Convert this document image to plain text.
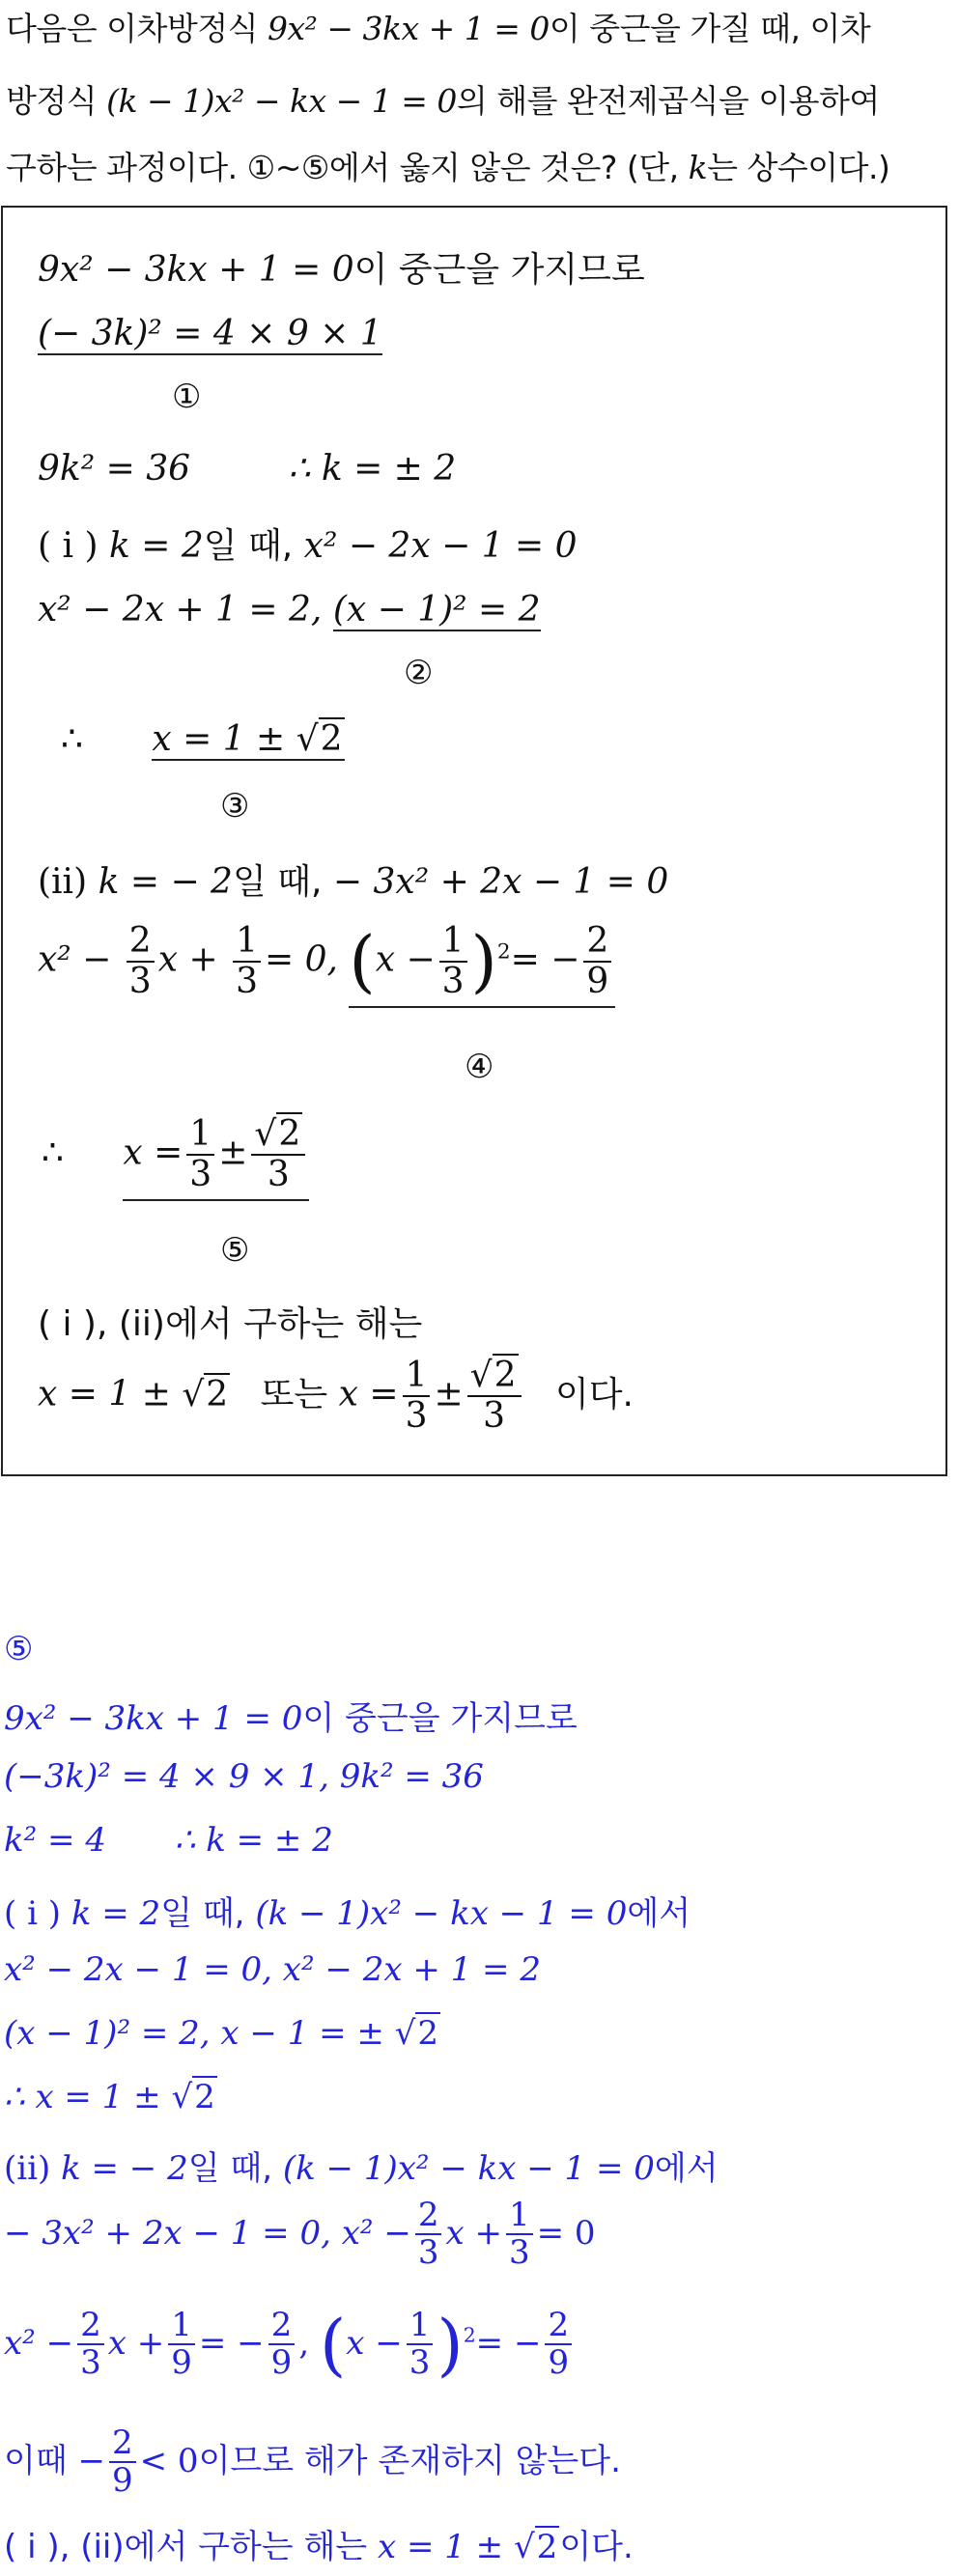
다음은 이차방정식 9x² − 3kx + 1 = 0이 중근을 가질 때, 이차
방정식 (k − 1)x² − kx − 1 = 0의 해를 완전제곱식을 이용하여
구하는 과정이다. ①~⑤에서 옳지 않은 것은? (단, k는 상수이다.)
9x² − 3kx + 1 = 0이 중근을 가지므로
(− 3k)² = 4 × 9 × 1
①
9k² = 36	∴ k = ± 2
( i ) k = 2일 때, x² − 2x − 1 = 0
x² − 2x + 1 = 2, (x − 1)² = 2
②
∴ x = 1 ± √2
③
(ii) k = − 2일 때, − 3x² + 2x − 1 = 0
$x^2 - \frac{2}{3}$ $x + \frac{1}{3} = 0$, $(x - \frac{1}{3} )^2= - \frac{2}{9}$
④
∴ $x = \frac{1}{3} \pm \frac{√2}{3}$
⑤
( i ), (ii)에서 구하는 해는
x = 1 ± √2 또는 $x = \frac{1}{3} \pm \frac{√2}{3}$ 이다.
⑤
9x² − 3kx + 1 = 0이 중근을 가지므로
(−3k)² = 4 × 9 × 1, 9k² = 36
k² = 4 ∴ k = ± 2
( i ) k = 2일 때, (k − 1)x² − kx − 1 = 0에서
x² − 2x − 1 = 0, x² − 2x + 1 = 2
(x − 1)² = 2, x − 1 = ± √2
∴ x = 1 ± √2
(ii) k = − 2일 때, (k − 1)x² − kx − 1 = 0에서
− 3x² + 2x − 1 = 0, $x^2 - \frac{2}{3}$ $x + \frac{1}{3} = 0$
$x^2 - \frac{2}{3}$ $x + \frac{1}{9}$ = − $\frac{2}{9}$ , $(x - \frac{1}{3} )^2= - \frac{2}{9}$
이때 − $\frac{2}{9} < 0$이므로 해가 존재하지 않는다.
( i ), (ii)에서 구하는 해는 x = 1 ± √2이다.
